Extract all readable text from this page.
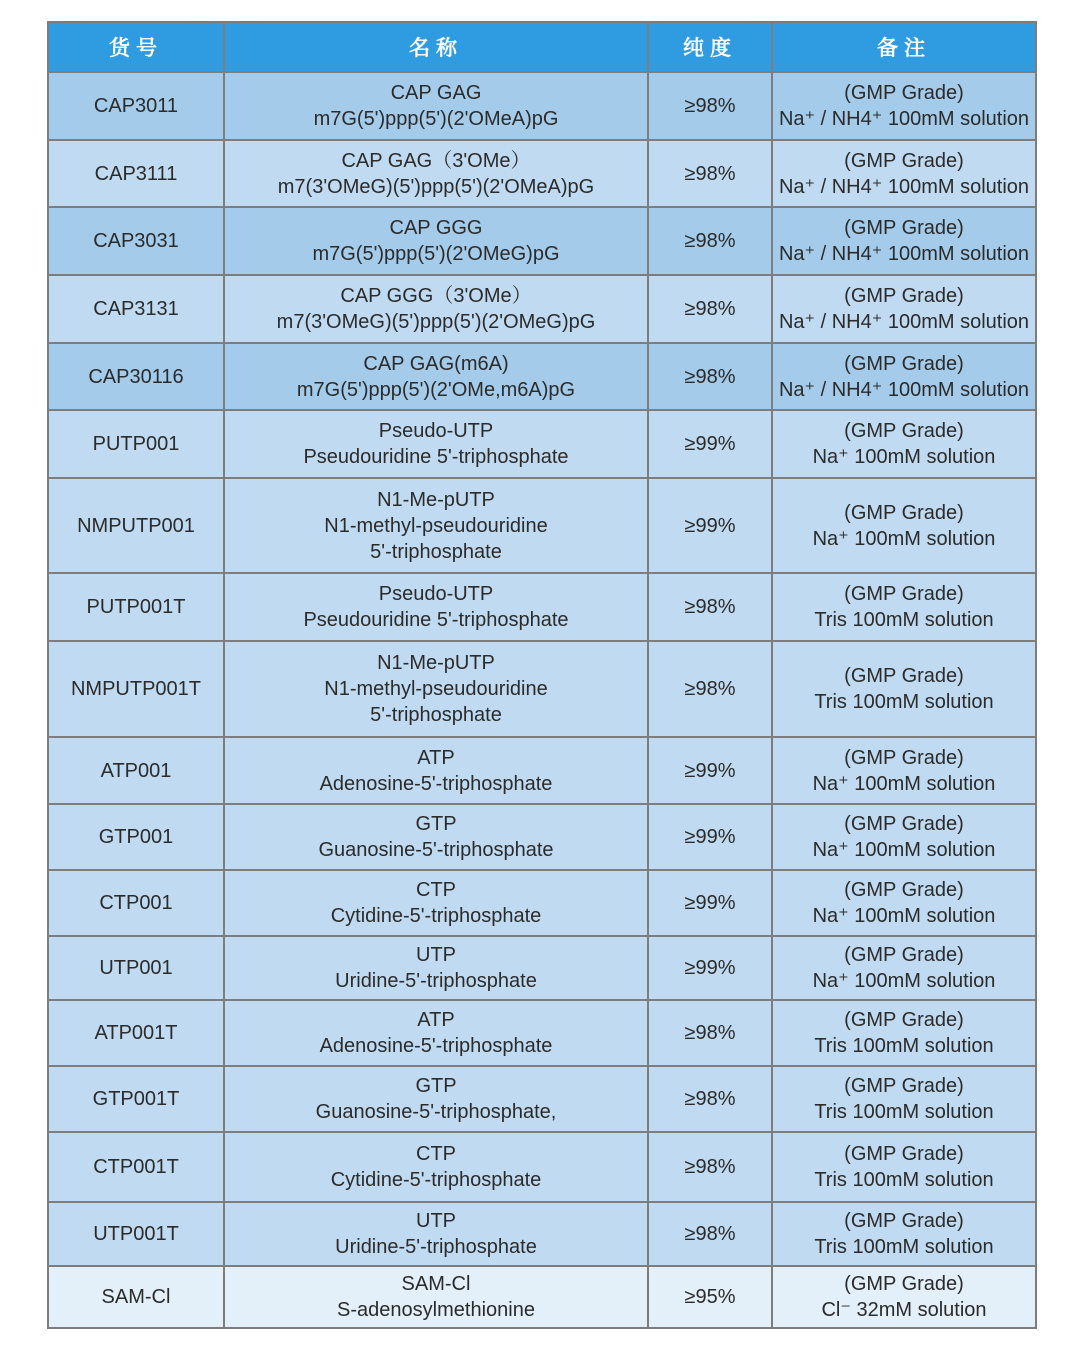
货号	名称	纯度	备注
CAP3011	CAP GAG
m7G(5')ppp(5')(2'OMeA)pG	≥98%	(GMP Grade)
Na⁺ / NH4⁺ 100mM solution

CAP3111	CAP GAG（3'OMe）
m7(3'OMeG)(5')ppp(5')(2'OMeA)pG	≥98%	(GMP Grade)
Na⁺ / NH4⁺ 100mM solution

CAP3031	CAP GGG
m7G(5')ppp(5')(2'OMeG)pG	≥98%	(GMP Grade)
Na⁺ / NH4⁺ 100mM solution

CAP3131	CAP GGG（3'OMe）
m7(3'OMeG)(5')ppp(5')(2'OMeG)pG	≥98%	(GMP Grade)
Na⁺ / NH4⁺ 100mM solution

CAP30116	CAP GAG(m6A)
m7G(5')ppp(5')(2'OMe,m6A)pG	≥98%	(GMP Grade)
Na⁺ / NH4⁺ 100mM solution

PUTP001	Pseudo-UTP
Pseudouridine 5'-triphosphate	≥99%	(GMP Grade)
Na⁺ 100mM solution

NMPUTP001	N1-Me-pUTP
N1-methyl-pseudouridine
5'-triphosphate	≥99%	(GMP Grade)
Na⁺ 100mM solution

PUTP001T	Pseudo-UTP
Pseudouridine 5'-triphosphate	≥98%	(GMP Grade)
Tris 100mM solution

NMPUTP001T	N1-Me-pUTP
N1-methyl-pseudouridine
5'-triphosphate	≥98%	(GMP Grade)
Tris 100mM solution

ATP001	ATP
Adenosine-5'-triphosphate	≥99%	(GMP Grade)
Na⁺ 100mM solution

GTP001	GTP
Guanosine-5'-triphosphate	≥99%	(GMP Grade)
Na⁺ 100mM solution

CTP001	CTP
Cytidine-5'-triphosphate	≥99%	(GMP Grade)
Na⁺ 100mM solution

UTP001	UTP
Uridine-5'-triphosphate	≥99%	(GMP Grade)
Na⁺ 100mM solution

ATP001T	ATP
Adenosine-5'-triphosphate	≥98%	(GMP Grade)
Tris 100mM solution

GTP001T	GTP
Guanosine-5'-triphosphate,	≥98%	(GMP Grade)
Tris 100mM solution

CTP001T	CTP
Cytidine-5'-triphosphate	≥98%	(GMP Grade)
Tris 100mM solution

UTP001T	UTP
Uridine-5'-triphosphate	≥98%	(GMP Grade)
Tris 100mM solution

SAM-Cl	SAM-Cl
S-adenosylmethionine	≥95%	(GMP Grade)
Cl⁻ 32mM solution
